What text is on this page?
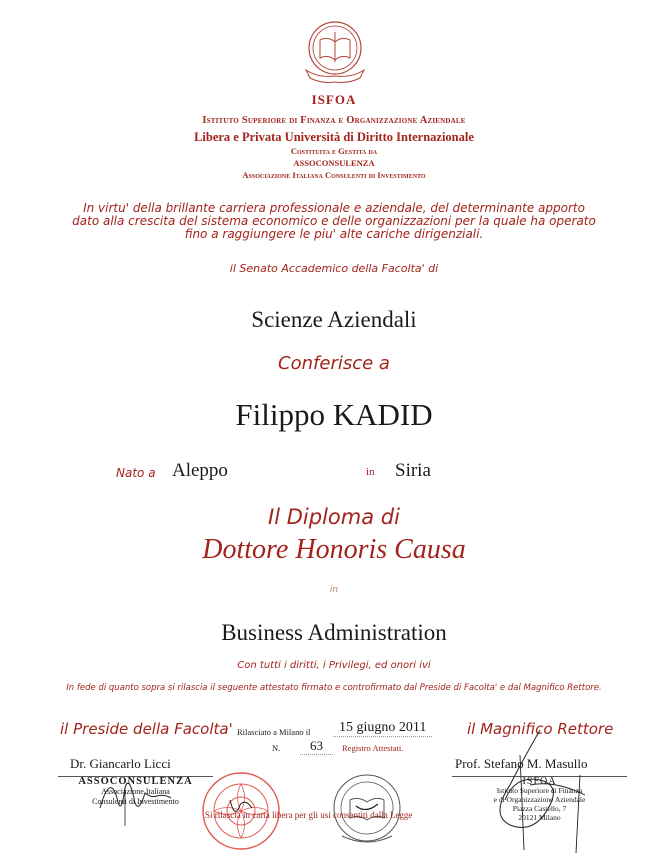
ISFOA
Istituto Superiore di Finanza e Organizzazione Aziendale
Libera e Privata Università di Diritto Internazionale
Costituita e Gestita da
ASSOCONSULENZA
Associazione Italiana Consulenti di Investimento
In virtu' della brillante carriera professionale e aziendale, del determinante apporto
dato alla crescita del sistema economico e delle organizzazioni per la quale ha operato
fino a raggiungere le piu' alte cariche dirigenziali.
il Senato Accademico della Facolta' di
Scienze Aziendali
Conferisce a
Filippo KADID
Nato a Aleppo	in Siria
Il Diploma di
Dottore Honoris Causa
in
Business Administration
Con tutti i diritti, i Privilegi, ed onori ivi
In fede di quanto sopra si rilascia il seguente attestato firmato e controfirmato dal Preside di Facolta' e dal Magnifico Rettore.
il Preside della Facolta' Rilasciato a Milano il	15 giugno 2011
N.	63	Registro Attestati.
il Magnifico Rettore
Dr. Giancarlo Licci
ASSOCONSULENZA
Associazione Italiana
Consulenti di Investimento
Prof. Stefano M. Masullo
ISFOA
Istituto Superiore di Finanza
e di Organizzazione Aziendale
Piazza Castello, 7
20121 Milano
Si rilascia in carta libera per gli usi consentiti dalla Legge
